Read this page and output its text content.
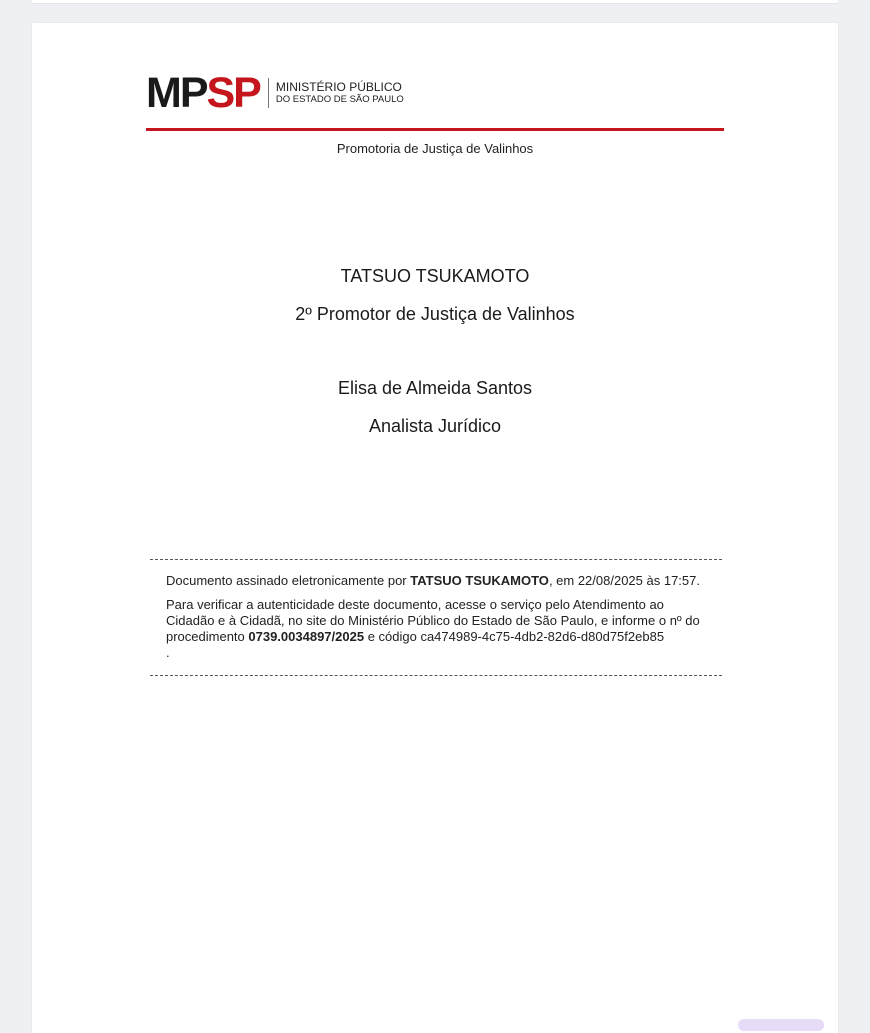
MPSP MINISTÉRIO PÚBLICO
DO ESTADO DE SÃO PAULO
Promotoria de Justiça de Valinhos
TATSUO TSUKAMOTO
2º Promotor de Justiça de Valinhos
Elisa de Almeida Santos
Analista Jurídico

Documento assinado eletronicamente por TATSUO TSUKAMOTO, em 22/08/2025 às 17:57.

Para verificar a autenticidade deste documento, acesse o serviço pelo Atendimento ao Cidadão e à Cidadã, no site do Ministério Público do Estado de São Paulo, e informe o nº do procedimento 0739.0034897/2025 e código ca474989-4c75-4db2-82d6-d80d75f2eb85
.
